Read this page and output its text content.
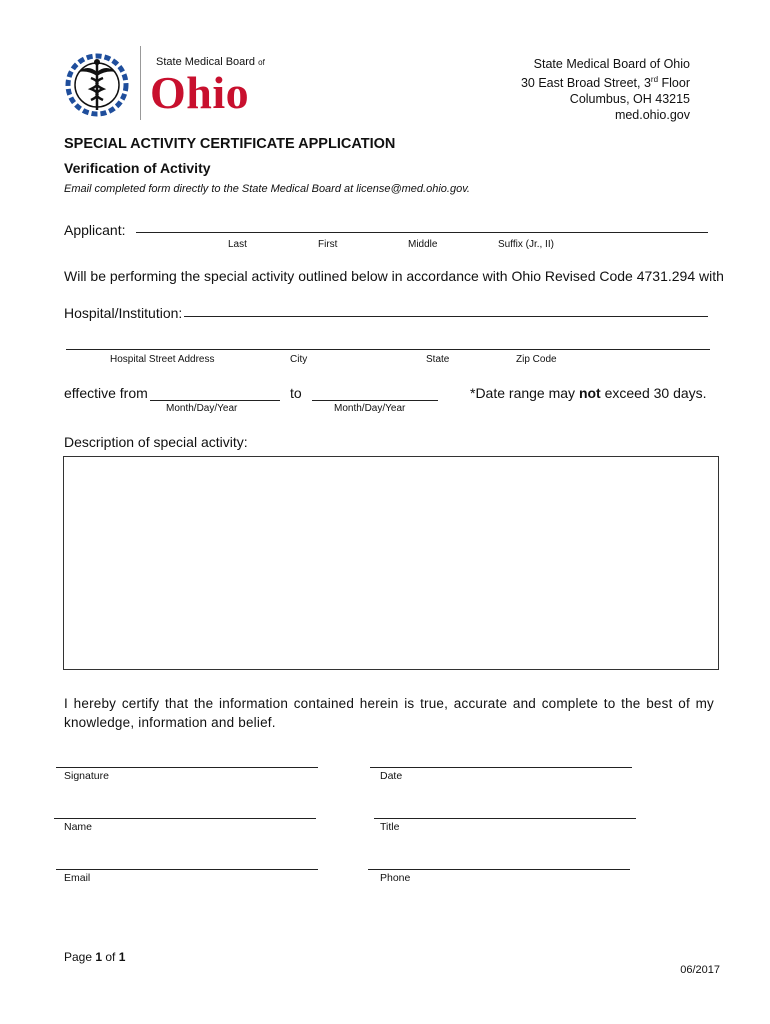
State Medical Board of
Ohio
State Medical Board of Ohio
30 East Broad Street, 3rd Floor
Columbus, OH 43215
med.ohio.gov
SPECIAL ACTIVITY CERTIFICATE APPLICATION
Verification of Activity
Email completed form directly to the State Medical Board at license@med.ohio.gov.
Applicant:
Last	First	Middle	Suffix (Jr., II)
Will be performing the special activity outlined below in accordance with Ohio Revised Code 4731.294 with
Hospital/Institution:
Hospital Street Address	City	State	Zip Code
effective from
Month/Day/Year
to
Month/Day/Year
*Date range may not exceed 30 days.
Description of special activity:
I hereby certify that the information contained herein is true, accurate and complete to the best of my knowledge, information and belief.
Signature	Date
Name	Title
Email	Phone
Page 1 of 1
06/2017
